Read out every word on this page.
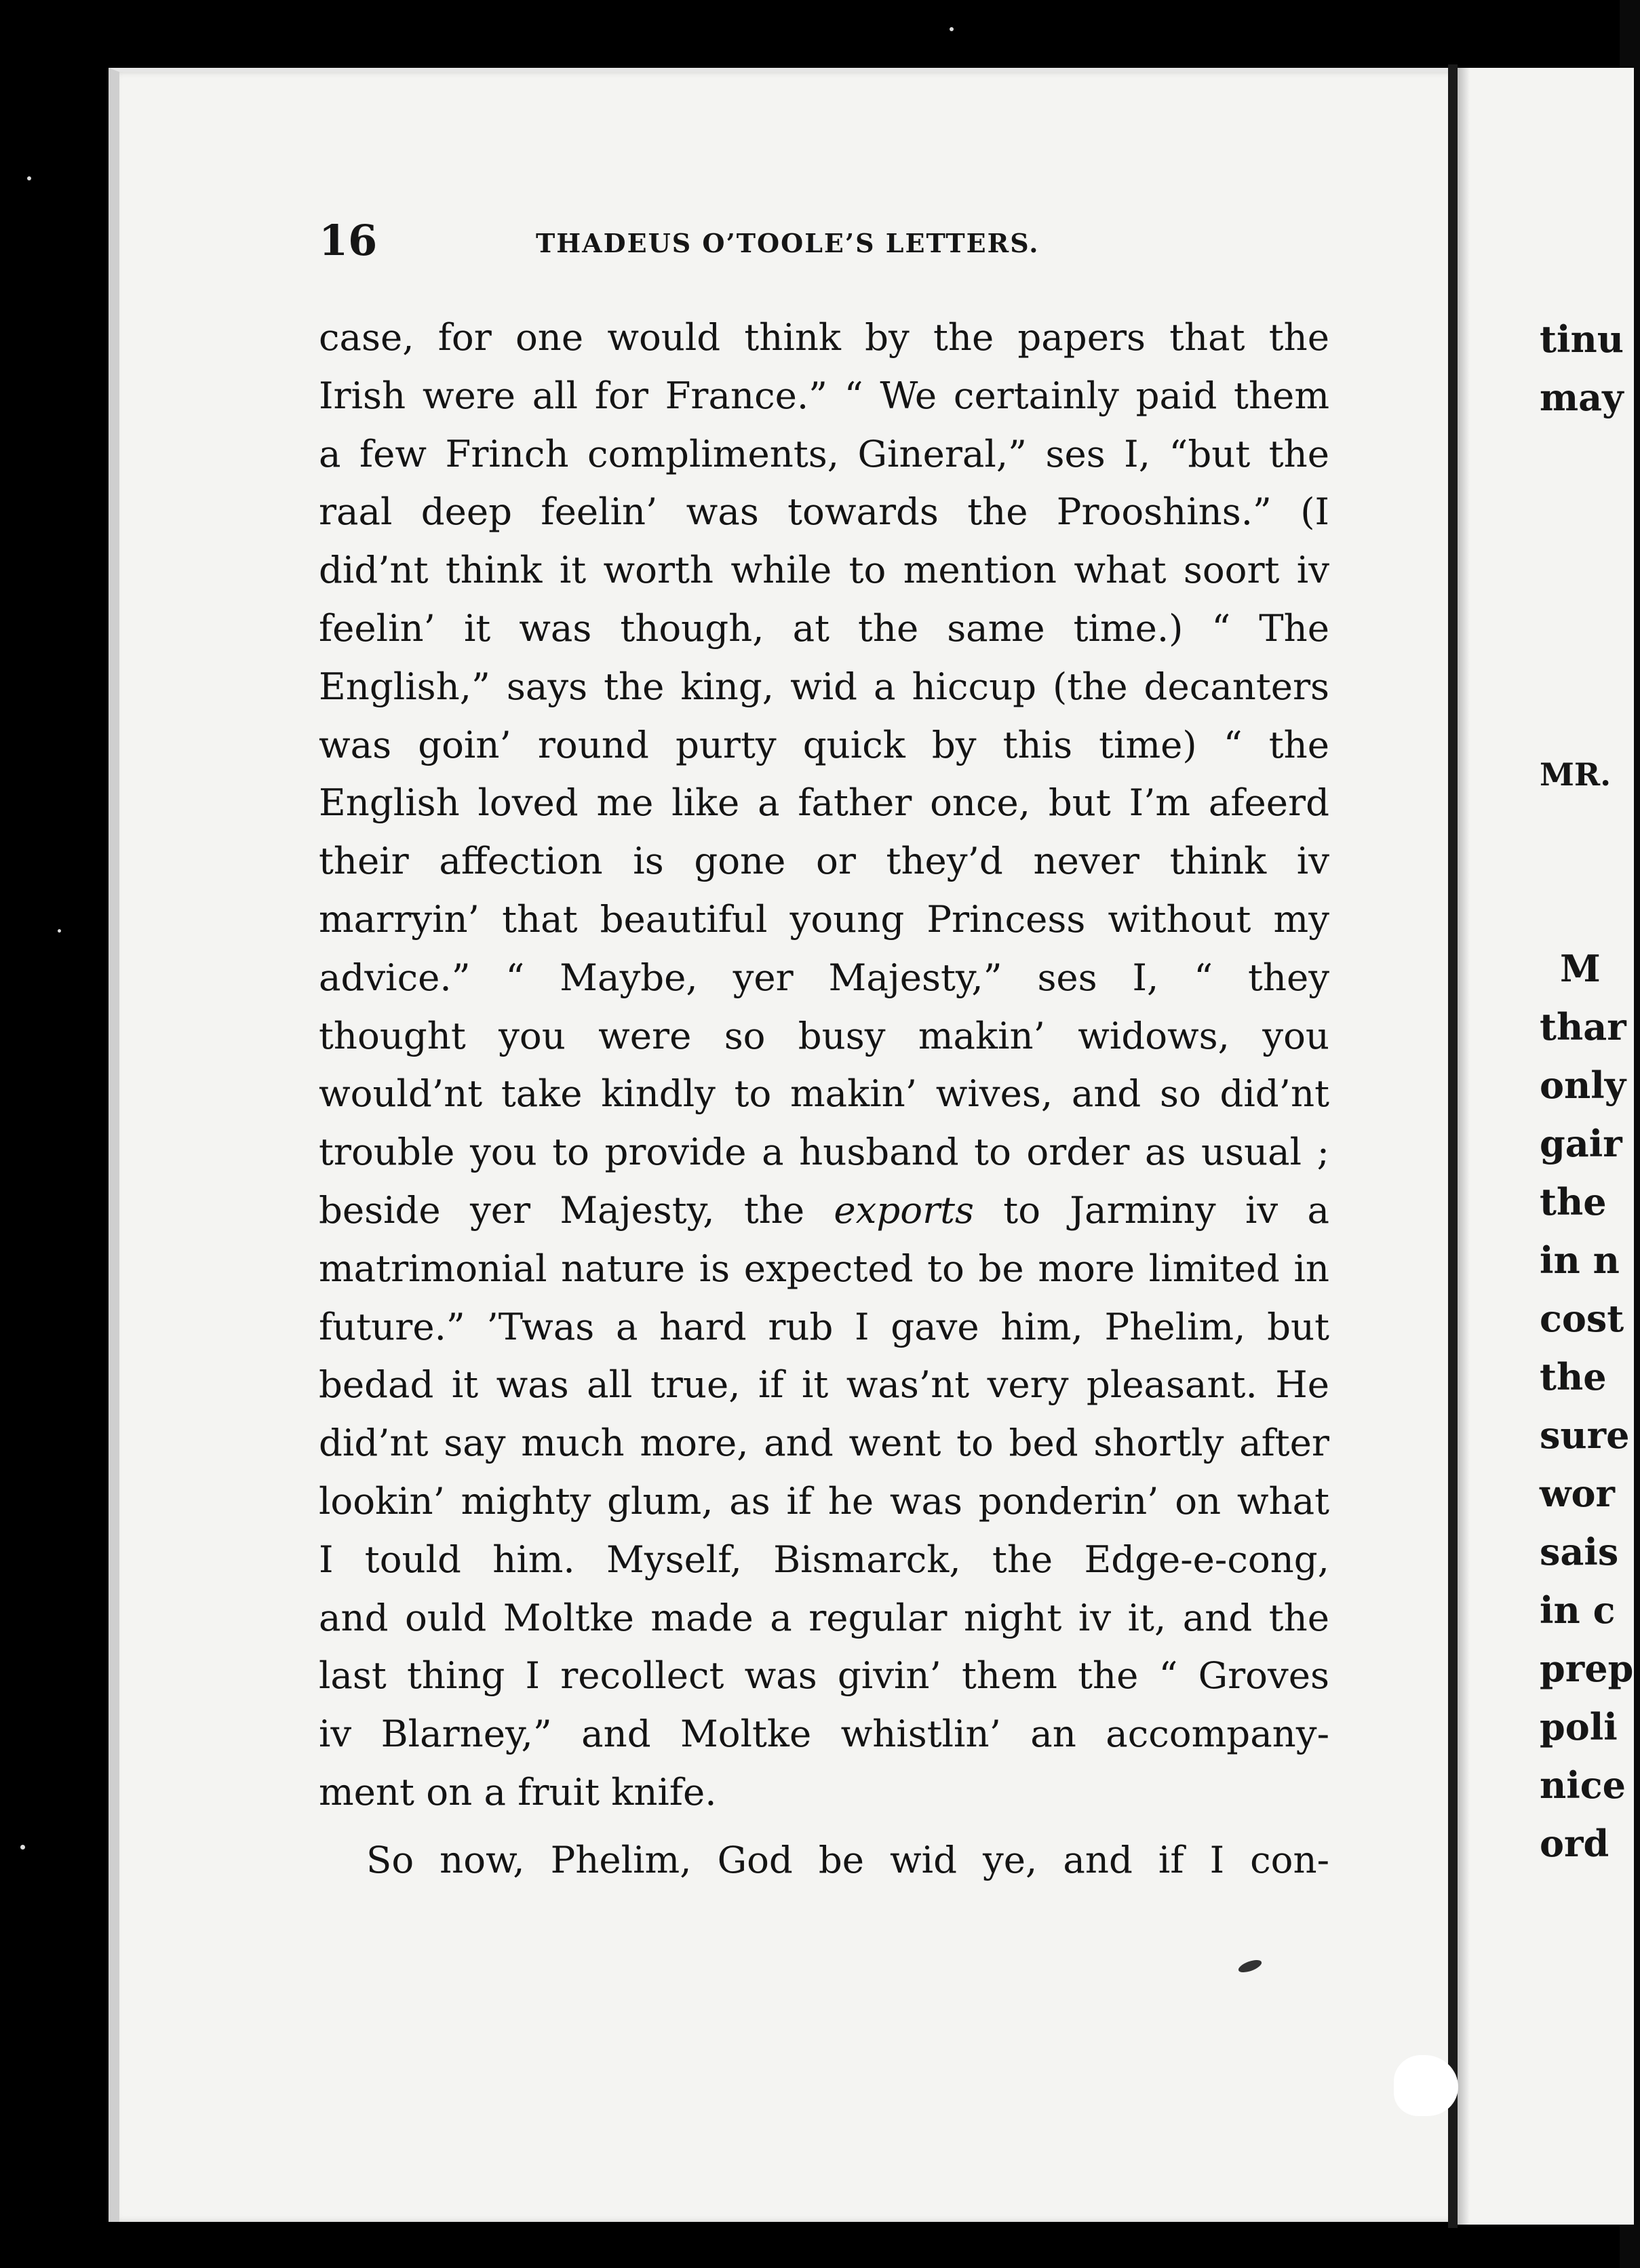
16	THADEUS O’TOOLE’S LETTERS.
case, for one would think by the papers that the
Irish were all for France.” “ We certainly paid them
a few Frinch compliments, Gineral,” ses I, “but the
raal deep feelin’ was towards the Prooshins.” (I
did’nt think it worth while to mention what soort iv
feelin’ it was though, at the same time.) “ The
English,” says the king, wid a hiccup (the decanters
was goin’ round purty quick by this time) “ the
English loved me like a father once, but I’m afeerd
their affection is gone or they’d never think iv
marryin’ that beautiful young Princess without my
advice.” “ Maybe, yer Majesty,” ses I, “ they
thought you were so busy makin’ widows, you
would’nt take kindly to makin’ wives, and so did’nt
trouble you to provide a husband to order as usual ;
beside yer Majesty, the exports to Jarminy iv a
matrimonial nature is expected to be more limited in
future.” ’Twas a hard rub I gave him, Phelim, but
bedad it was all true, if it was’nt very pleasant. He
did’nt say much more, and went to bed shortly after
lookin’ mighty glum, as if he was ponderin’ on what
I tould him. Myself, Bismarck, the Edge-e-cong,
and ould Moltke made a regular night iv it, and the
last thing I recollect was givin’ them the “ Groves
iv Blarney,” and Moltke whistlin’ an accompany-
ment on a fruit knife.
So now, Phelim, God be wid ye, and if I con-
tinu
may
MR.
M
thar
only
gair
the
in n
cost
the
sure
wor
sais
in c
prep
poli
nice
ord
